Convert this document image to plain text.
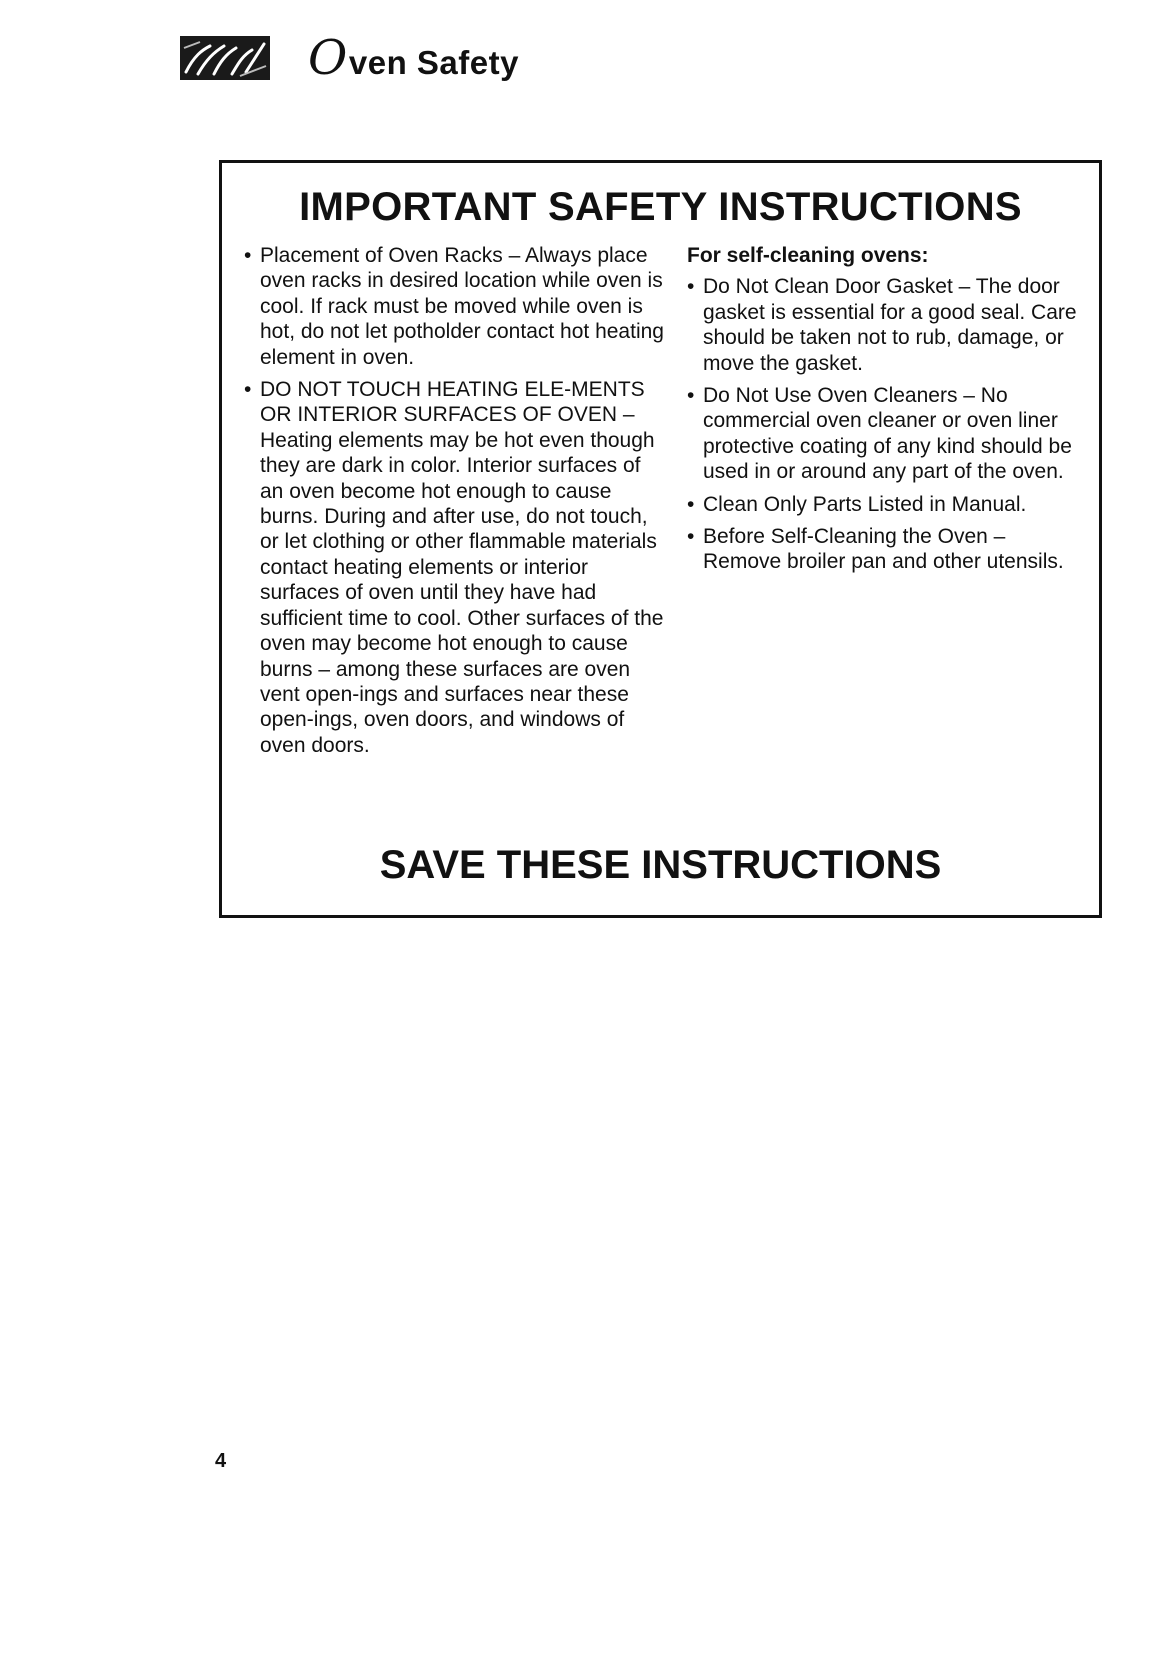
O ven Safety
IMPORTANT SAFETY INSTRUCTIONS
• Placement of Oven Racks – Always place oven racks in desired location while oven is cool. If rack must be moved while oven is hot, do not let potholder contact hot heating element in oven.
• DO NOT TOUCH HEATING ELE-MENTS OR INTERIOR SURFACES OF OVEN – Heating elements may be hot even though they are dark in color. Interior surfaces of an oven become hot enough to cause burns. During and after use, do not touch, or let clothing or other flammable materials contact heating elements or interior surfaces of oven until they have had sufficient time to cool. Other surfaces of the oven may become hot enough to cause burns – among these surfaces are oven vent open-ings and surfaces near these open-ings, oven doors, and windows of oven doors.
For self-cleaning ovens:
• Do Not Clean Door Gasket – The door gasket is essential for a good seal. Care should be taken not to rub, damage, or move the gasket.
• Do Not Use Oven Cleaners – No commercial oven cleaner or oven liner protective coating of any kind should be used in or around any part of the oven.
• Clean Only Parts Listed in Manual.
• Before Self-Cleaning the Oven – Remove broiler pan and other utensils.
SAVE THESE INSTRUCTIONS
4
